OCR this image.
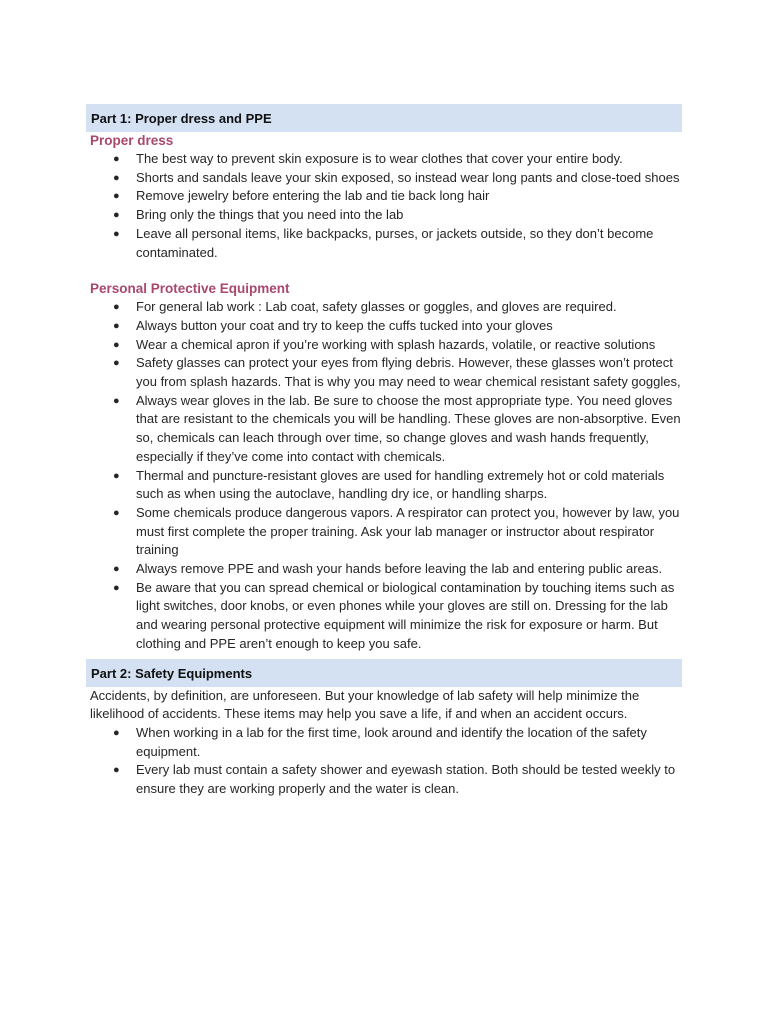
Part 1: Proper dress and PPE
Proper dress
● The best way to prevent skin exposure is to wear clothes that cover your entire body.
● Shorts and sandals leave your skin exposed, so instead wear long pants and close-toed shoes
● Remove jewelry before entering the lab and tie back long hair
● Bring only the things that you need into the lab
● Leave all personal items, like backpacks, purses, or jackets outside, so they don’t become contaminated.
Personal Protective Equipment
● For general lab work : Lab coat, safety glasses or goggles, and gloves are required.
● Always button your coat and try to keep the cuffs tucked into your gloves
● Wear a chemical apron if you’re working with splash hazards, volatile, or reactive solutions
● Safety glasses can protect your eyes from flying debris. However, these glasses won’t protect you from splash hazards. That is why you may need to wear chemical resistant safety goggles,
● Always wear gloves in the lab. Be sure to choose the most appropriate type. You need gloves that are resistant to the chemicals you will be handling. These gloves are non-absorptive. Even so, chemicals can leach through over time, so change gloves and wash hands frequently, especially if they’ve come into contact with chemicals.
● Thermal and puncture-resistant gloves are used for handling extremely hot or cold materials such as when using the autoclave, handling dry ice, or handling sharps.
● Some chemicals produce dangerous vapors. A respirator can protect you, however by law, you must first complete the proper training. Ask your lab manager or instructor about respirator training
● Always remove PPE and wash your hands before leaving the lab and entering public areas.
● Be aware that you can spread chemical or biological contamination by touching items such as light switches, door knobs, or even phones while your gloves are still on. Dressing for the lab and wearing personal protective equipment will minimize the risk for exposure or harm. But clothing and PPE aren’t enough to keep you safe.
Part 2: Safety Equipments
Accidents, by definition, are unforeseen. But your knowledge of lab safety will help minimize the likelihood of accidents. These items may help you save a life, if and when an accident occurs.
● When working in a lab for the first time, look around and identify the location of the safety equipment.
● Every lab must contain a safety shower and eyewash station. Both should be tested weekly to ensure they are working properly and the water is clean.
